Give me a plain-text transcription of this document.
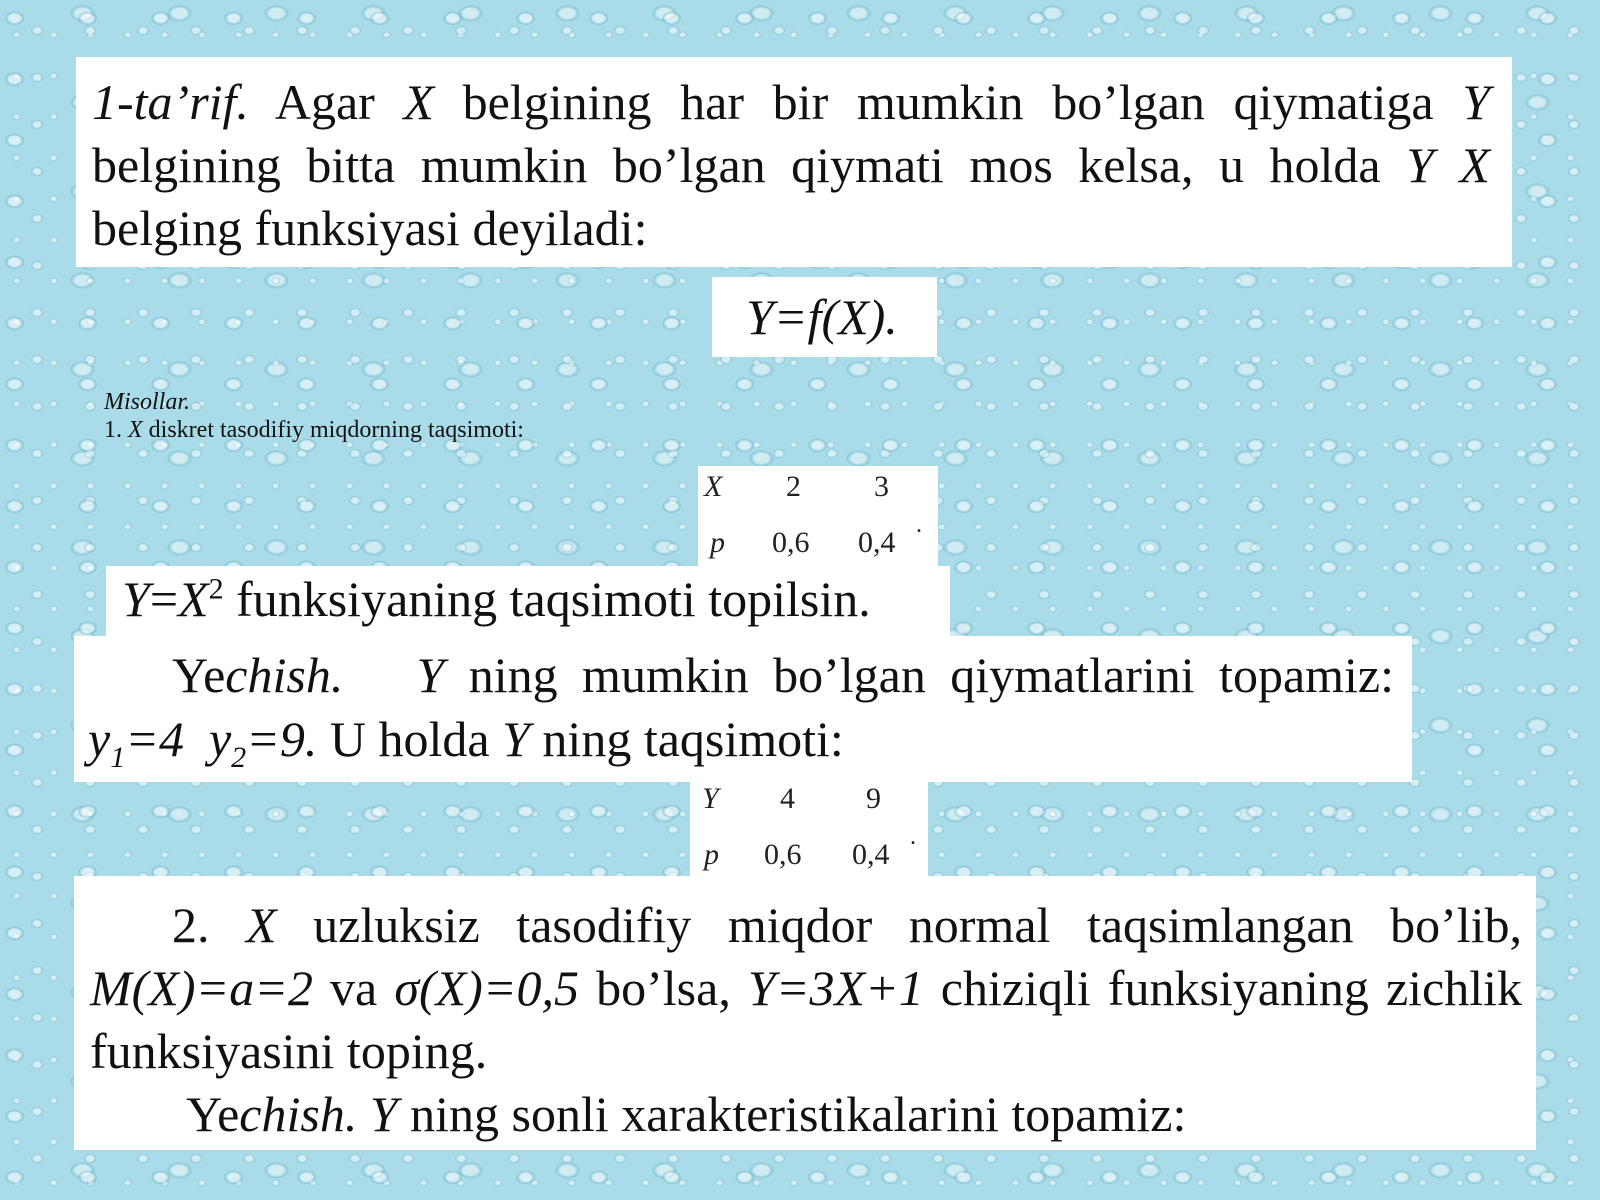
1-ta’rif. Agar X belgining har bir mumkin bo’lgan qiymatiga Y belgining bitta mumkin bo’lgan qiymati mos kelsa, u holda Y X belging funksiyasi deyiladi:
Y=f(X).
Misollar.
1. X diskret tasodifiy miqdorning taqsimoti:
X 2 3
p 0,6 0,4
.
$Y=X^2$ funksiyaning taqsimoti topilsin.
Yechish. Y ning mumkin bo’lgan qiymatlarini topamiz:
$y_1=4$ $y_2=9$. U holda Y ning taqsimoti:
Y 4 9
p 0,6 0,4
.
2. X uzluksiz tasodifiy miqdor normal taqsimlangan bo’lib, M(X)=a=2 va σ(X)=0,5 bo’lsa, Y=3X+1 chiziqli funksiyaning zichlik funksiyasini toping.
Yechish. Y ning sonli xarakteristikalarini topamiz:
